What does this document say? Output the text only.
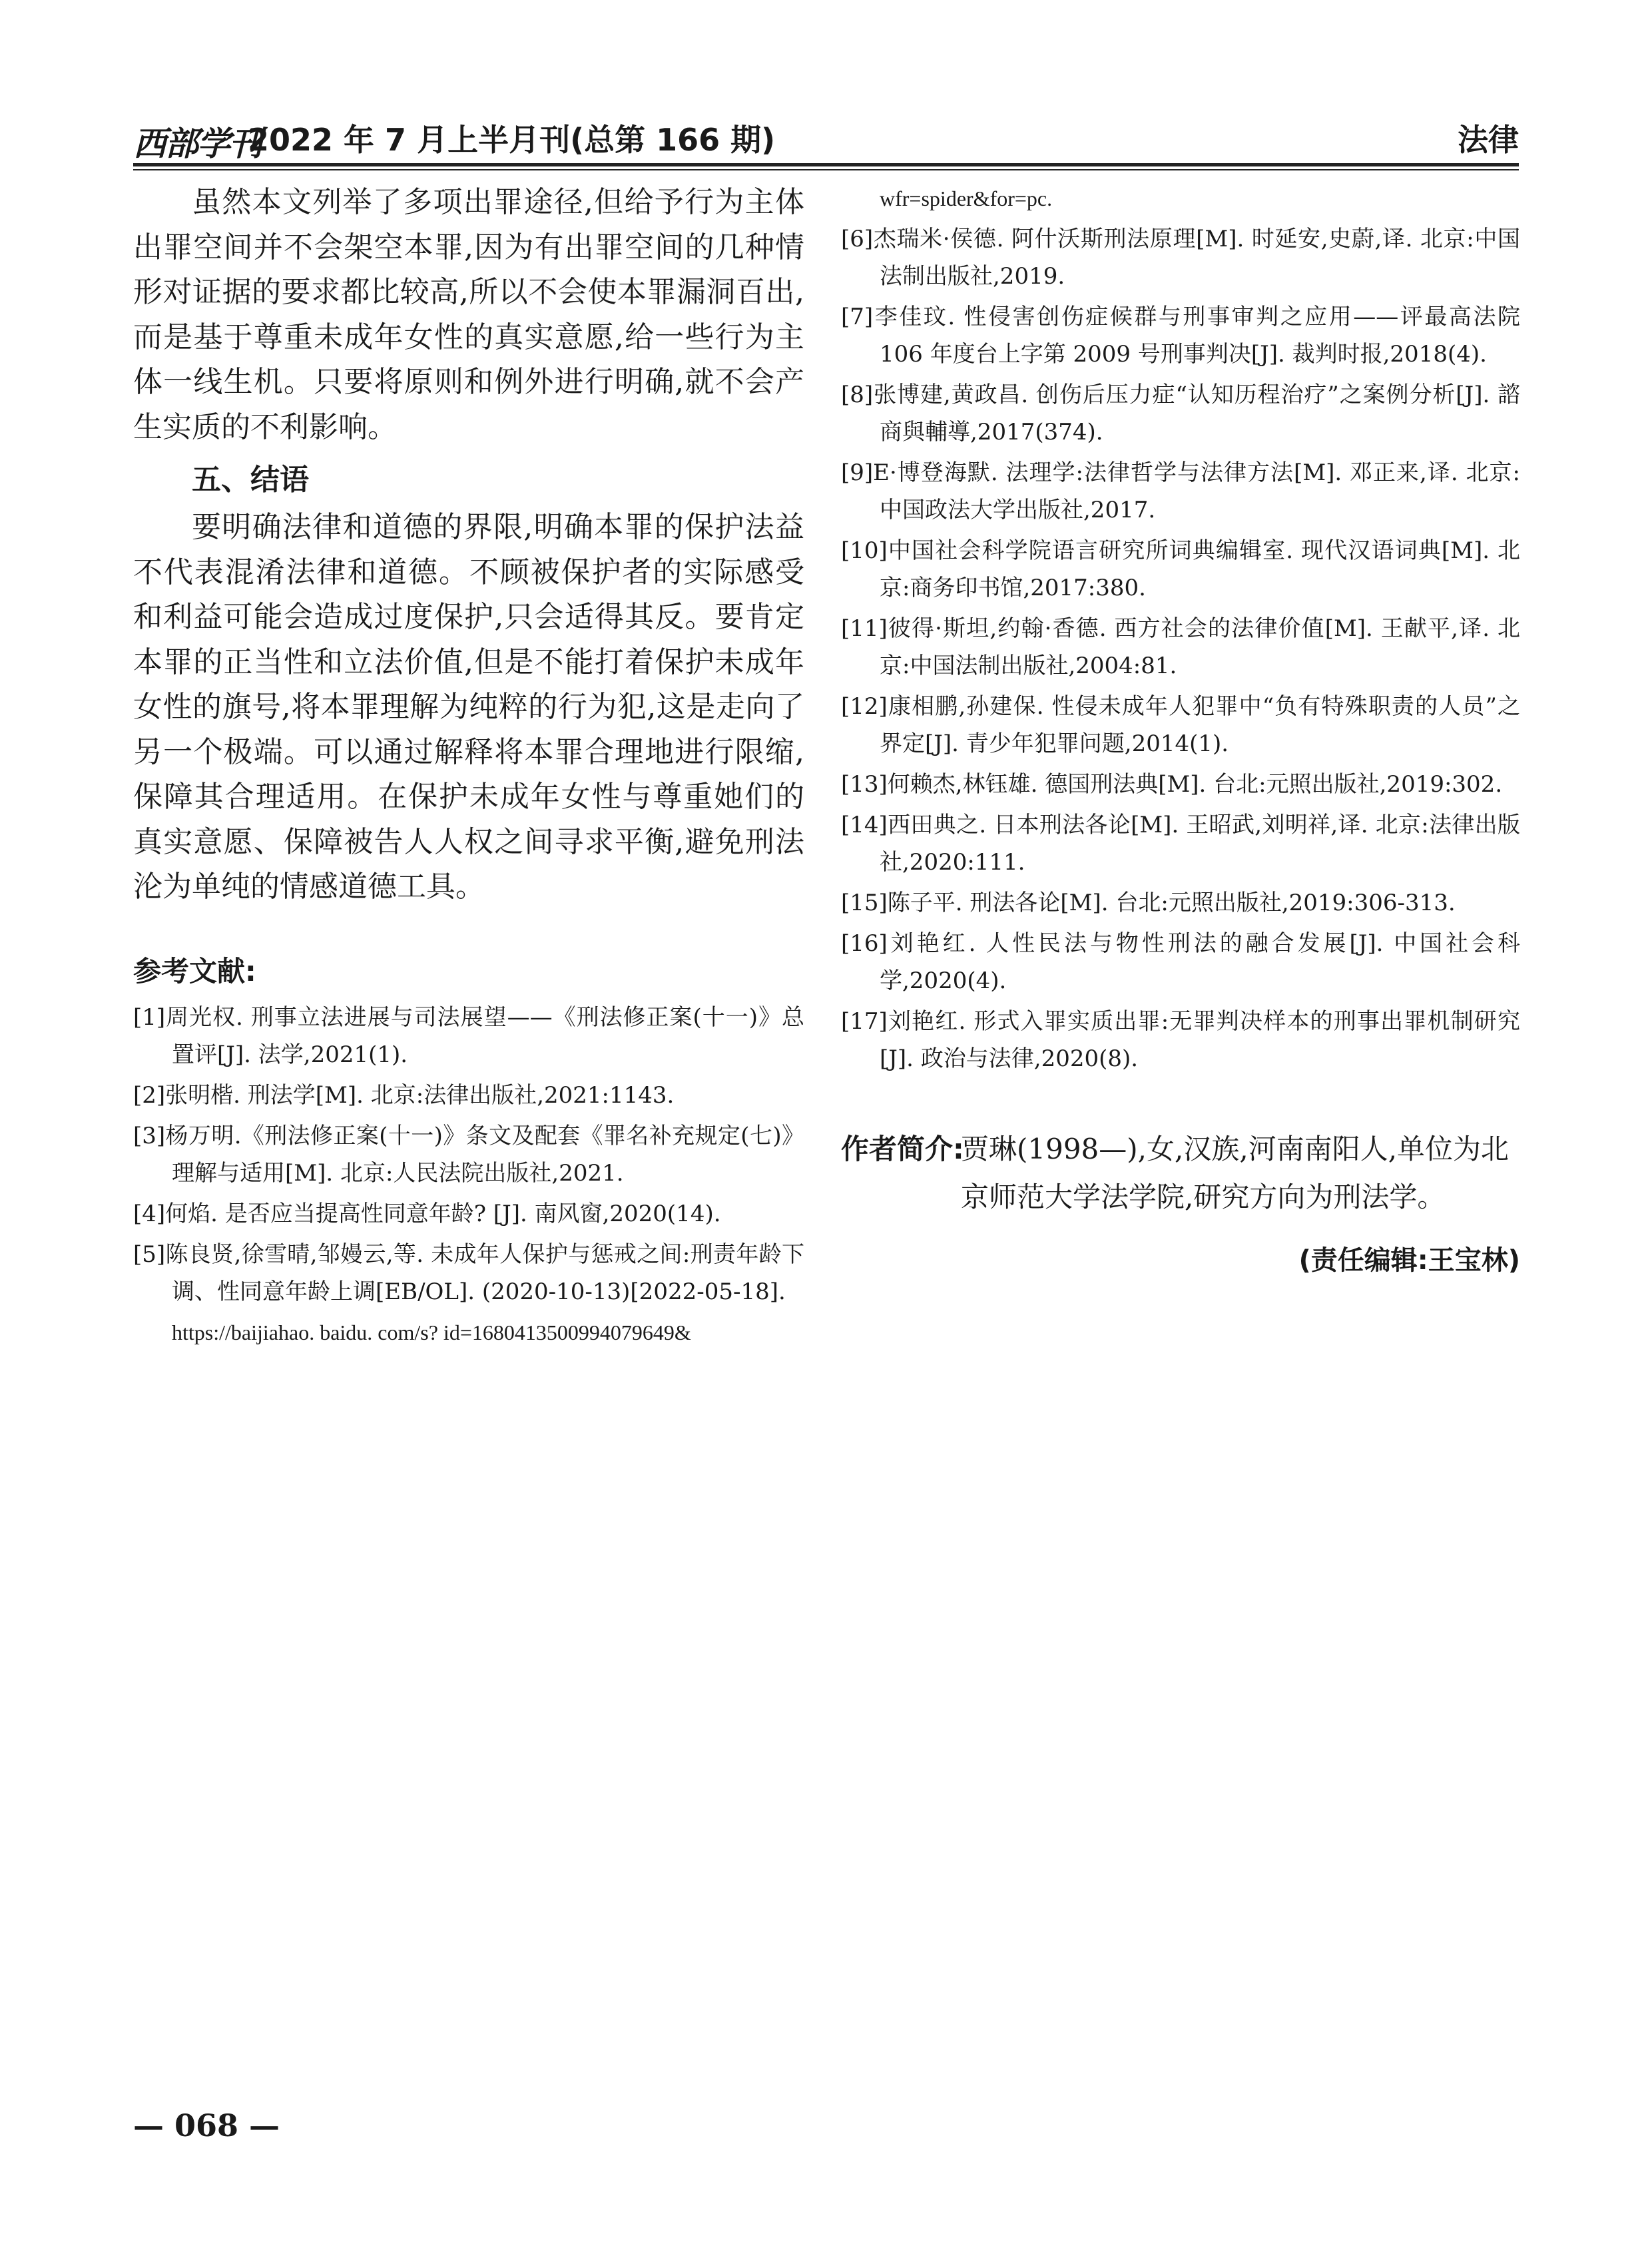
西部学刊
2022 年 7 月上半月刊(总第 166 期)	法律

虽然本文列举了多项出罪途径,但给予行为主体出罪空间并不会架空本罪,因为有出罪空间的几种情形对证据的要求都比较高,所以不会使本罪漏洞百出,而是基于尊重未成年女性的真实意愿,给一些行为主体一线生机。只要将原则和例外进行明确,就不会产生实质的不利影响。

五、结语

要明确法律和道德的界限,明确本罪的保护法益不代表混淆法律和道德。不顾被保护者的实际感受和利益可能会造成过度保护,只会适得其反。要肯定本罪的正当性和立法价值,但是不能打着保护未成年女性的旗号,将本罪理解为纯粹的行为犯,这是走向了另一个极端。可以通过解释将本罪合理地进行限缩,保障其合理适用。在保护未成年女性与尊重她们的真实意愿、保障被告人人权之间寻求平衡,避免刑法沦为单纯的情感道德工具。

参考文献:
[1]周光权. 刑事立法进展与司法展望——《刑法修正案(十一)》总置评[J]. 法学,2021(1).
[2]张明楷. 刑法学[M]. 北京:法律出版社,2021:1143.
[3]杨万明.《刑法修正案(十一)》条文及配套《罪名补充规定(七)》理解与适用[M]. 北京:人民法院出版社,2021.
[4]何焰. 是否应当提高性同意年龄? [J]. 南风窗,2020(14).
[5]陈良贤,徐雪晴,邹嫚云,等. 未成年人保护与惩戒之间:刑责年龄下调、性同意年龄上调[EB/OL]. (2020-10-13)[2022-05-18].
https://baijiahao. baidu. com/s? id=1680413500994079649&
wfr=spider&for=pc.
[6]杰瑞米·侯德. 阿什沃斯刑法原理[M]. 时延安,史蔚,译. 北京:中国法制出版社,2019.
[7]李佳玟. 性侵害创伤症候群与刑事审判之应用——评最高法院 106 年度台上字第 2009 号刑事判决[J]. 裁判时报,2018(4).
[8]张博建,黄政昌. 创伤后压力症“认知历程治疗”之案例分析[J]. 諮商與輔導,2017(374).
[9]E·博登海默. 法理学:法律哲学与法律方法[M]. 邓正来,译. 北京:中国政法大学出版社,2017.
[10]中国社会科学院语言研究所词典编辑室. 现代汉语词典[M]. 北京:商务印书馆,2017:380.
[11]彼得·斯坦,约翰·香德. 西方社会的法律价值[M]. 王献平,译. 北京:中国法制出版社,2004:81.
[12]康相鹏,孙建保. 性侵未成年人犯罪中“负有特殊职责的人员”之界定[J]. 青少年犯罪问题,2014(1).
[13]何赖杰,林钰雄. 德国刑法典[M]. 台北:元照出版社,2019:302.
[14]西田典之. 日本刑法各论[M]. 王昭武,刘明祥,译. 北京:法律出版社,2020:111.
[15]陈子平. 刑法各论[M]. 台北:元照出版社,2019:306-313.
[16]刘艳红. 人性民法与物性刑法的融合发展[J]. 中国社会科学,2020(4).
[17]刘艳红. 形式入罪实质出罪:无罪判决样本的刑事出罪机制研究[J]. 政治与法律,2020(8).
作者简介:
贾琳(1998—),女,汉族,河南南阳人,单位为北京师范大学法学院,研究方向为刑法学。
(责任编辑:王宝林)
— 068 —
